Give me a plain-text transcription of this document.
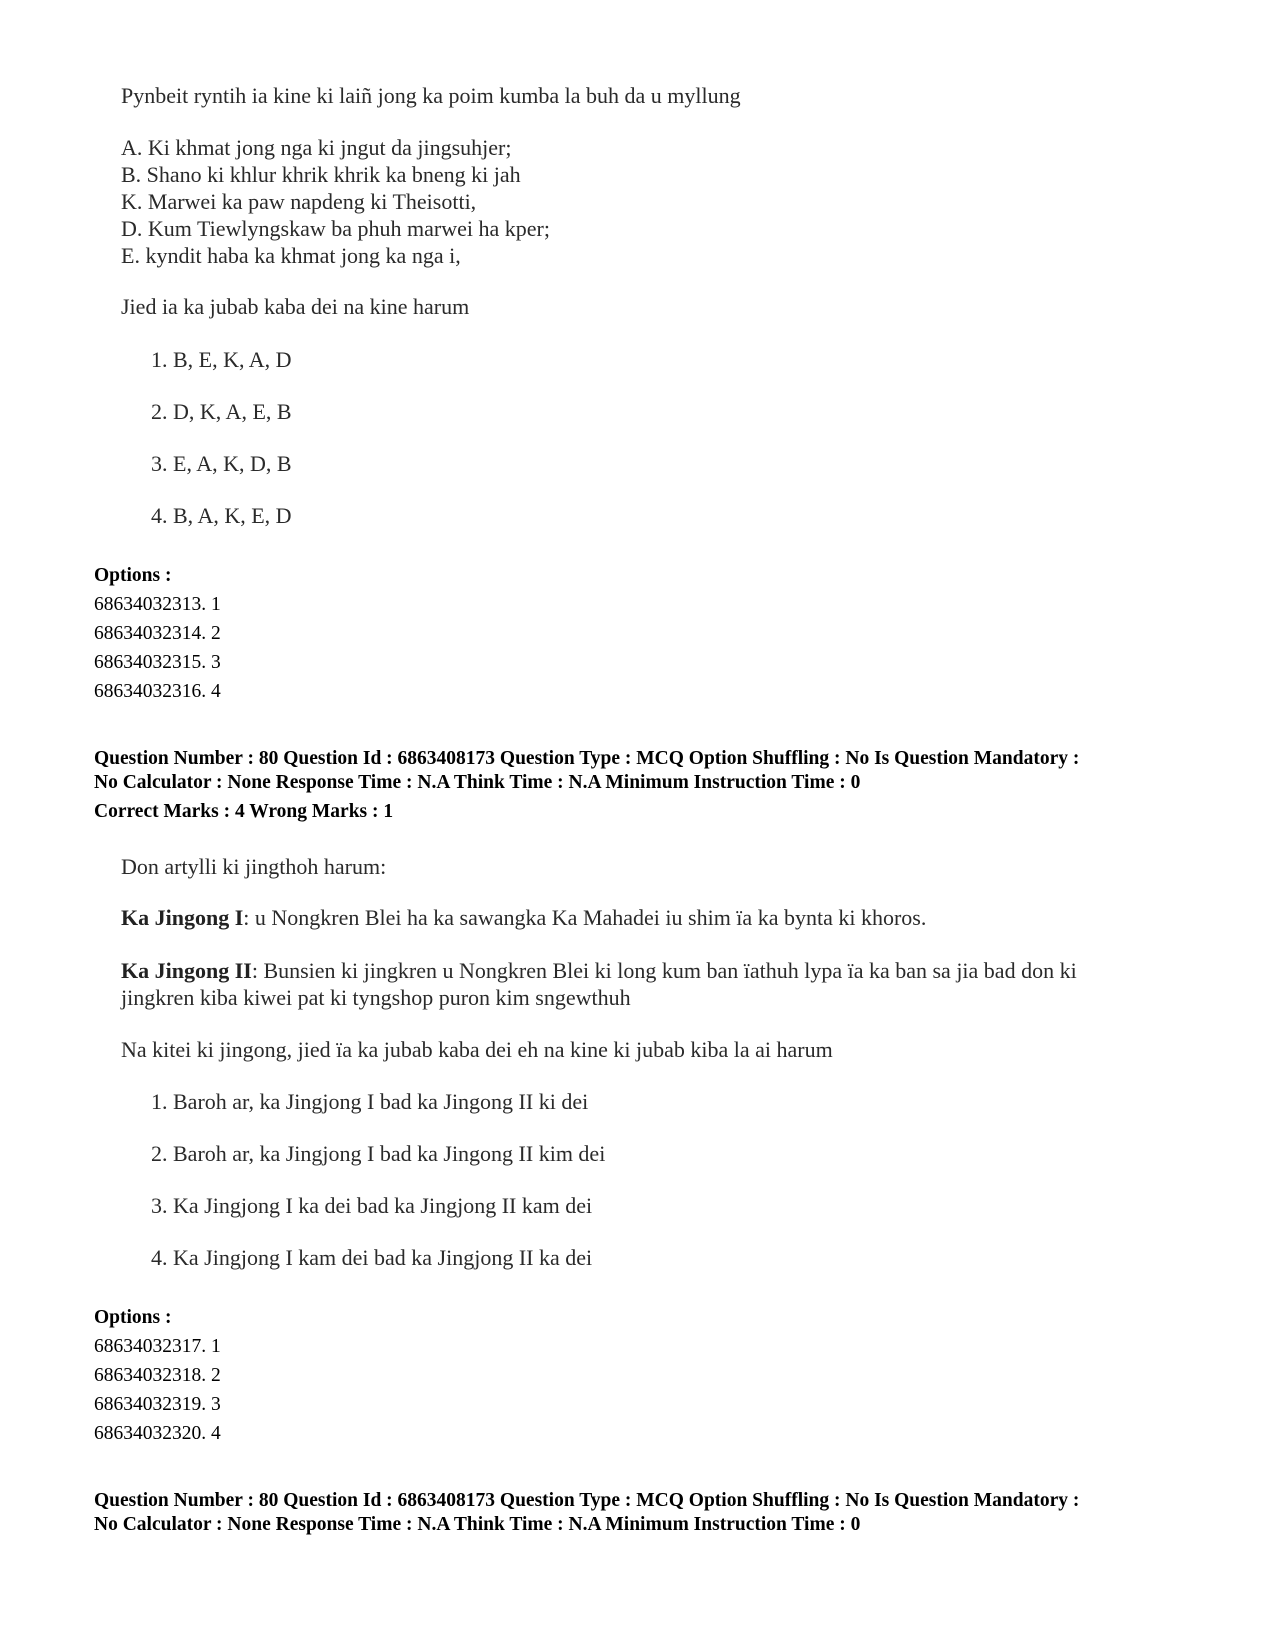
Pynbeit ryntih ia kine ki laiñ jong ka poim kumba la buh da u myllung
A. Ki khmat jong nga ki jngut da jingsuhjer;
B. Shano ki khlur khrik khrik ka bneng ki jah
K. Marwei ka paw napdeng ki Theisotti,
D. Kum Tiewlyngskaw ba phuh marwei ha kper;
E. kyndit haba ka khmat jong ka nga i,
Jied ia ka jubab kaba dei na kine harum
1. B, E, K, A, D
2. D, K, A, E, B
3. E, A, K, D, B
4. B, A, K, E, D
Options :
68634032313. 1
68634032314. 2
68634032315. 3
68634032316. 4
Question Number : 80 Question Id : 6863408173 Question Type : MCQ Option Shuffling : No Is Question Mandatory :
No Calculator : None Response Time : N.A Think Time : N.A Minimum Instruction Time : 0
Correct Marks : 4 Wrong Marks : 1
Don artylli ki jingthoh harum:
Ka Jingong I: u Nongkren Blei ha ka sawangka Ka Mahadei iu shim ïa ka bynta ki khoros.
Ka Jingong II: Bunsien ki jingkren u Nongkren Blei ki long kum ban ïathuh lypa ïa ka ban sa jia bad don ki
jingkren kiba kiwei pat ki tyngshop puron kim sngewthuh
Na kitei ki jingong, jied ïa ka jubab kaba dei eh na kine ki jubab kiba la ai harum
1. Baroh ar, ka Jingjong I bad ka Jingong II ki dei
2. Baroh ar, ka Jingjong I bad ka Jingong II kim dei
3. Ka Jingjong I ka dei bad ka Jingjong II kam dei
4. Ka Jingjong I kam dei bad ka Jingjong II ka dei
Options :
68634032317. 1
68634032318. 2
68634032319. 3
68634032320. 4
Question Number : 80 Question Id : 6863408173 Question Type : MCQ Option Shuffling : No Is Question Mandatory :
No Calculator : None Response Time : N.A Think Time : N.A Minimum Instruction Time : 0
